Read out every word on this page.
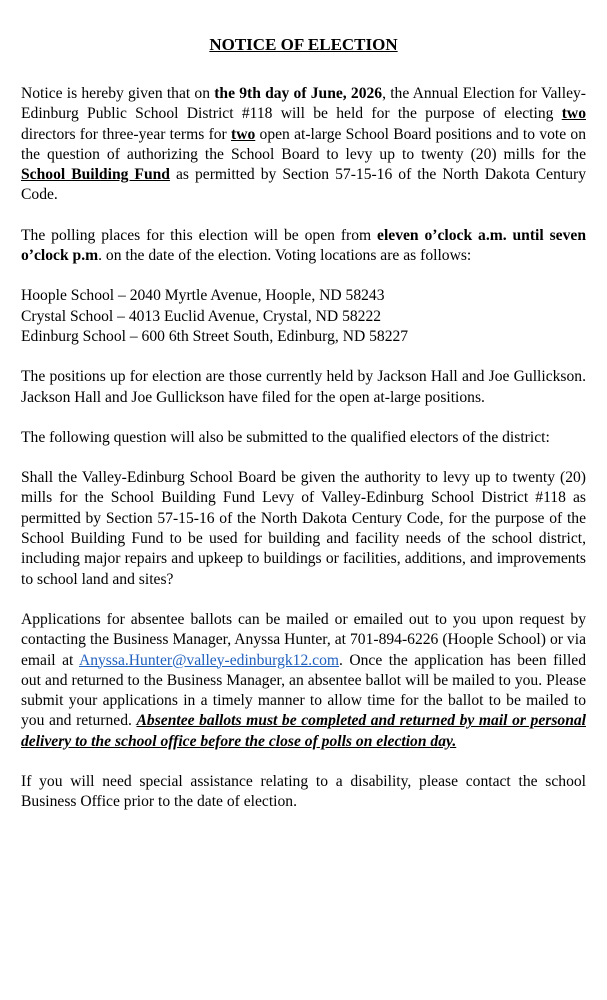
NOTICE OF ELECTION

Notice is hereby given that on the 9th day of June, 2026, the Annual Election for Valley-Edinburg Public School District #118 will be held for the purpose of electing two directors for three-year terms for two open at-large School Board positions and to vote on the question of authorizing the School Board to levy up to twenty (20) mills for the School Building Fund as permitted by Section 57-15-16 of the North Dakota Century Code.

The polling places for this election will be open from eleven o’clock a.m. until seven o’clock p.m. on the date of the election. Voting locations are as follows:

Hoople School – 2040 Myrtle Avenue, Hoople, ND 58243
Crystal School – 4013 Euclid Avenue, Crystal, ND 58222
Edinburg School – 600 6th Street South, Edinburg, ND 58227

The positions up for election are those currently held by Jackson Hall and Joe Gullickson. Jackson Hall and Joe Gullickson have filed for the open at-large positions.

The following question will also be submitted to the qualified electors of the district:

Shall the Valley-Edinburg School Board be given the authority to levy up to twenty (20) mills for the School Building Fund Levy of Valley-Edinburg School District #118 as permitted by Section 57-15-16 of the North Dakota Century Code, for the purpose of the School Building Fund to be used for building and facility needs of the school district, including major repairs and upkeep to buildings or facilities, additions, and improvements to school land and sites?

Applications for absentee ballots can be mailed or emailed out to you upon request by contacting the Business Manager, Anyssa Hunter, at 701-894-6226 (Hoople School) or via email at Anyssa.Hunter@valley-edinburgk12.com. Once the application has been filled out and returned to the Business Manager, an absentee ballot will be mailed to you. Please submit your applications in a timely manner to allow time for the ballot to be mailed to you and returned. Absentee ballots must be completed and returned by mail or personal delivery to the school office before the close of polls on election day.

If you will need special assistance relating to a disability, please contact the school Business Office prior to the date of election.
